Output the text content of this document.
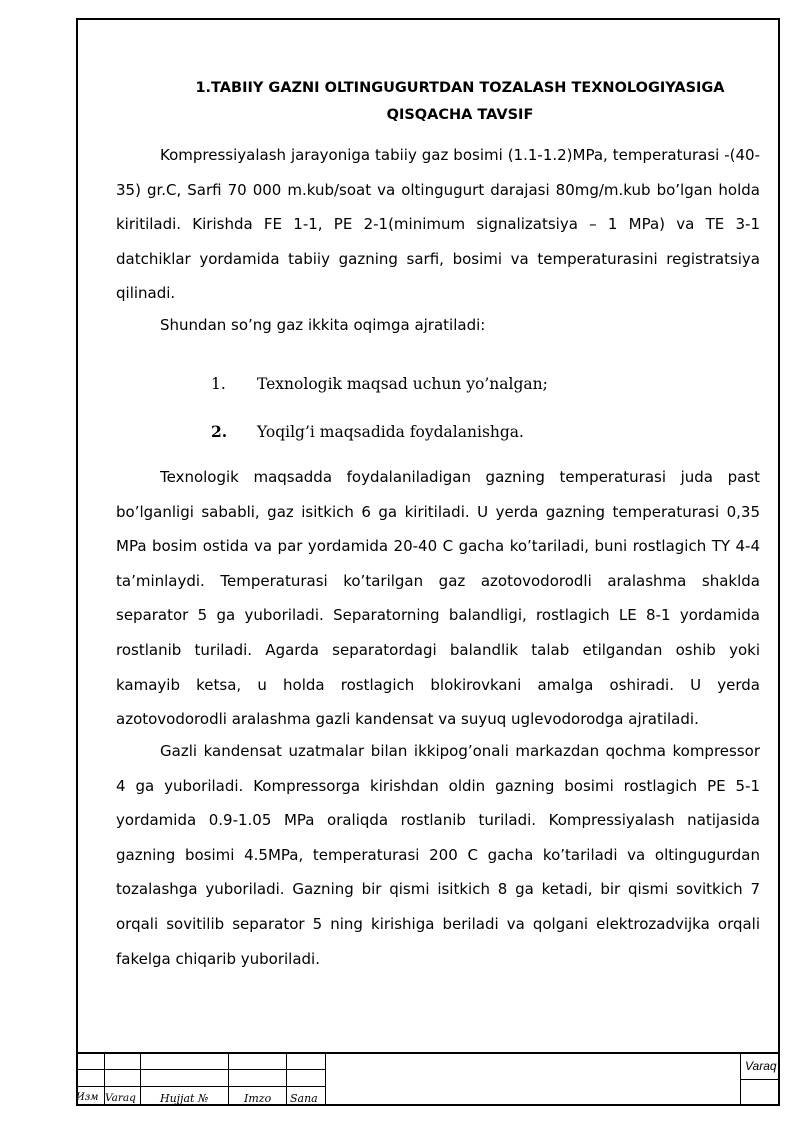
1.TABIIY GAZNI OLTINGUGURTDAN TOZALASH TEXNOLOGIYASIGA
QISQACHA TAVSIF

Kompressiyalash jarayoniga tabiiy gaz bosimi (1.1-1.2)MPa, temperaturasi -(40-35) gr.C, Sarfi 70 000 m.kub/soat va oltingugurt darajasi 80mg/m.kub bo’lgan holda kiritiladi. Kirishda FE 1-1, PE 2-1(minimum signalizatsiya – 1 MPa) va TE 3-1 datchiklar yordamida tabiiy gazning sarfi, bosimi va temperaturasini registratsiya qilinadi.

Shundan so’ng gaz ikkita oqimga ajratiladi:

1. Texnologik maqsad uchun yo’nalgan;
2. Yoqilg’i maqsadida foydalanishga.

Texnologik maqsadda foydalaniladigan gazning temperaturasi juda past bo’lganligi sababli, gaz isitkich 6 ga kiritiladi. U yerda gazning temperaturasi 0,35 MPa bosim ostida va par yordamida 20-40 C gacha ko’tariladi, buni rostlagich TY 4-4 ta’minlaydi. Temperaturasi ko’tarilgan gaz azotovodorodli aralashma shaklda separator 5 ga yuboriladi. Separatorning balandligi, rostlagich LE 8-1 yordamida rostlanib turiladi. Agarda separatordagi balandlik talab etilgandan oshib yoki kamayib ketsa, u holda rostlagich blokirovkani amalga oshiradi. U yerda azotovodorodli aralashma gazli kandensat va suyuq uglevodorodga ajratiladi.

Gazli kandensat uzatmalar bilan ikkipog’onali markazdan qochma kompressor 4 ga yuboriladi. Kompressorga kirishdan oldin gazning bosimi rostlagich PE 5-1 yordamida 0.9-1.05 MPa oraliqda rostlanib turiladi. Kompressiyalash natijasida gazning bosimi 4.5MPa, temperaturasi 200 C gacha ko’tariladi va oltingugurdan tozalashga yuboriladi. Gazning bir qismi isitkich 8 ga ketadi, bir qismi sovitkich 7 orqali sovitilib separator 5 ning kirishiga beriladi va qolgani elektrozadvijka orqali fakelga chiqarib yuboriladi.

Изм Varaq Hujjat №	Imzo Sana
Varaq
